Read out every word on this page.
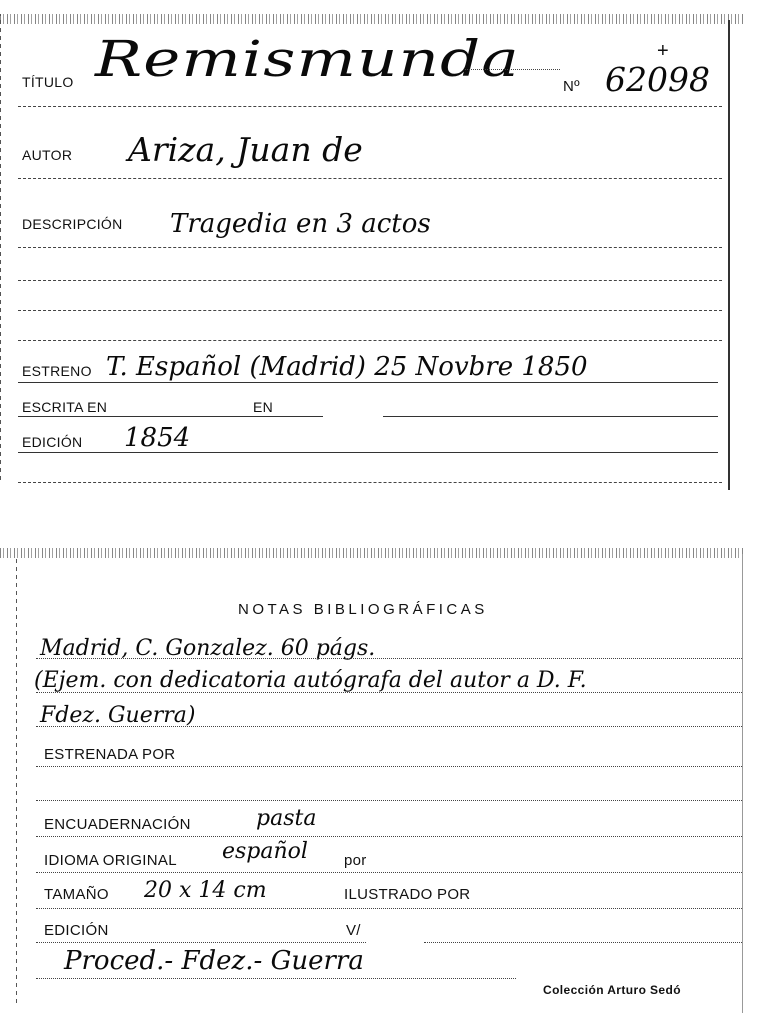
TÍTULO Remismunda	Nº 62098
+
AUTOR Ariza, Juan de
DESCRIPCIÓN Tragedia en 3 actos
ESTRENO T. Español (Madrid) 25 Novbre 1850
ESCRITA EN	EN
EDICIÓN 1854
NOTAS BIBLIOGRÁFICAS
Madrid, C. Gonzalez. 60 págs.
(Ejem. con dedicatoria autógrafa del autor a D. F.
Fdez. Guerra)
ESTRENADA POR
ENCUADERNACIÓN	pasta
IDIOMA ORIGINAL español por
TAMAÑO 20 x 14 cm	ILUSTRADO POR
EDICIÓN	V/
Proced.- Fdez.- Guerra
Colección Arturo Sedó
